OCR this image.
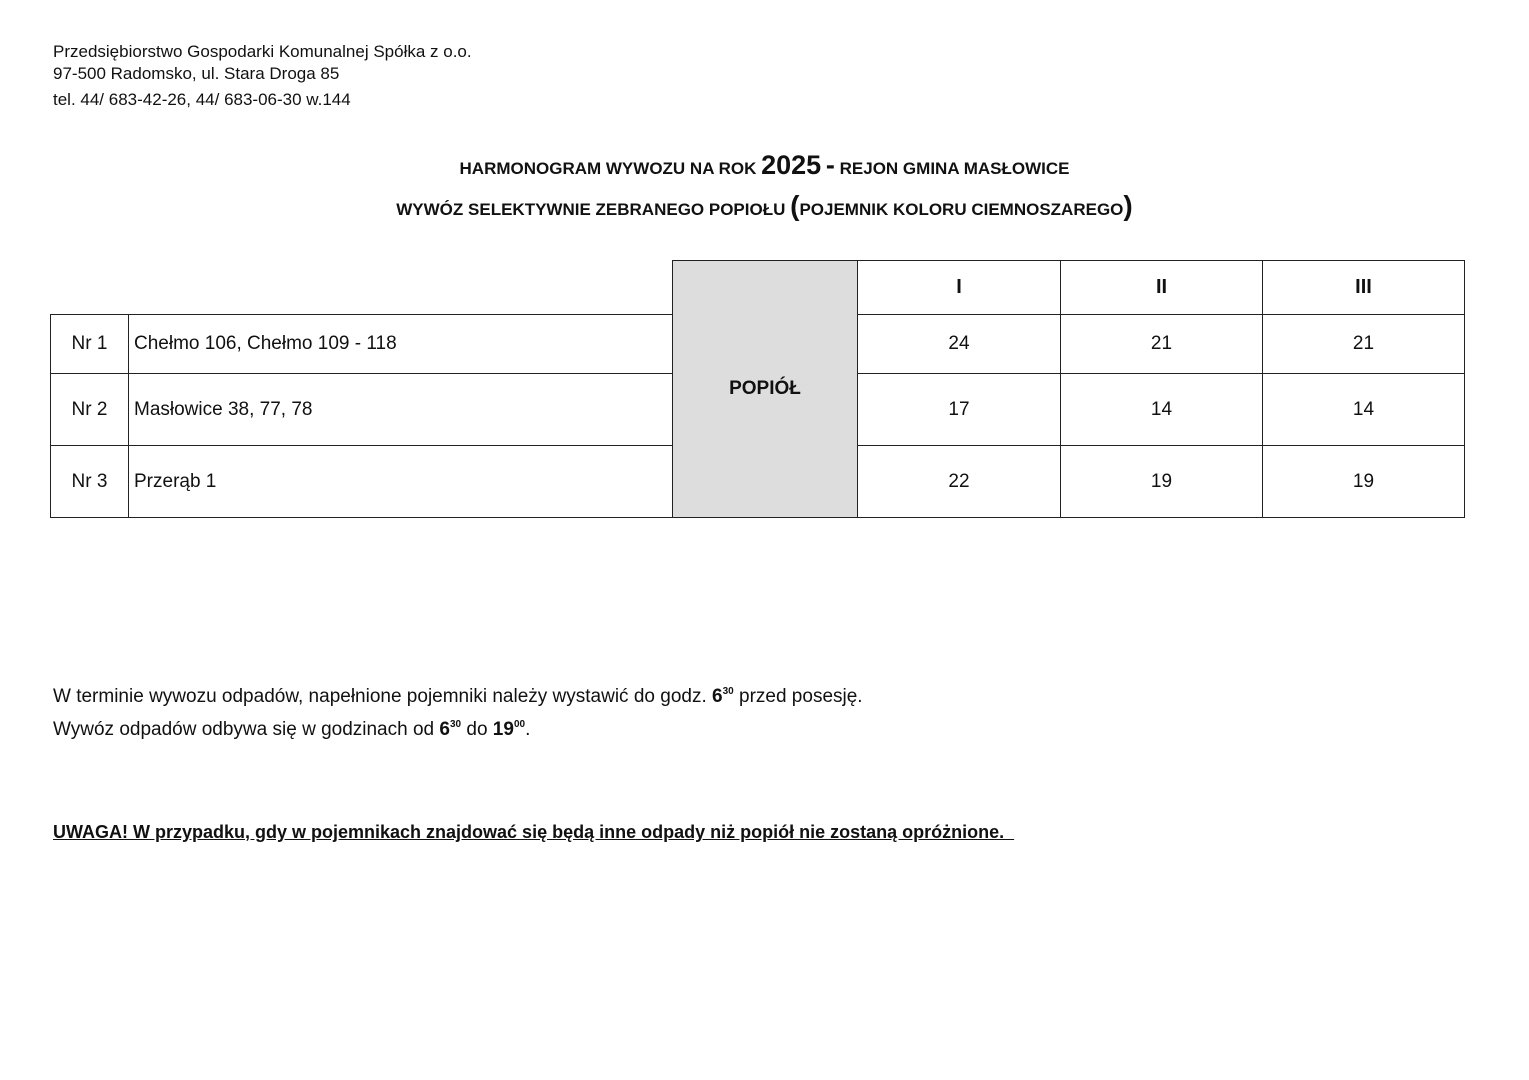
Przedsiębiorstwo Gospodarki Komunalnej Spółka z o.o.
97-500 Radomsko, ul. Stara Droga 85
tel. 44/ 683-42-26, 44/ 683-06-30 w.144
HARMONOGRAM WYWOZU NA ROK 2025 - REJON GMINA MASŁOWICE
WYWÓZ SELEKTYWNIE ZEBRANEGO POPIOŁU (POJEMNIK KOLORU CIEMNOSZAREGO)
		POPIÓŁ	I	II	III
Nr 1	Chełmo 106, Chełmo 109 - 118		24	21	21
Nr 2	Masłowice 38, 77, 78		17	14	14
Nr 3	Przerąb 1		22	19	19
W terminie wywozu odpadów, napełnione pojemniki należy wystawić do godz. $6^{30}$ przed posesję.
Wywóz odpadów odbywa się w godzinach od $6^{30}$ do $19^{00}$.
UWAGA! W przypadku, gdy w pojemnikach znajdować się będą inne odpady niż popiół nie zostaną opróżnione.
